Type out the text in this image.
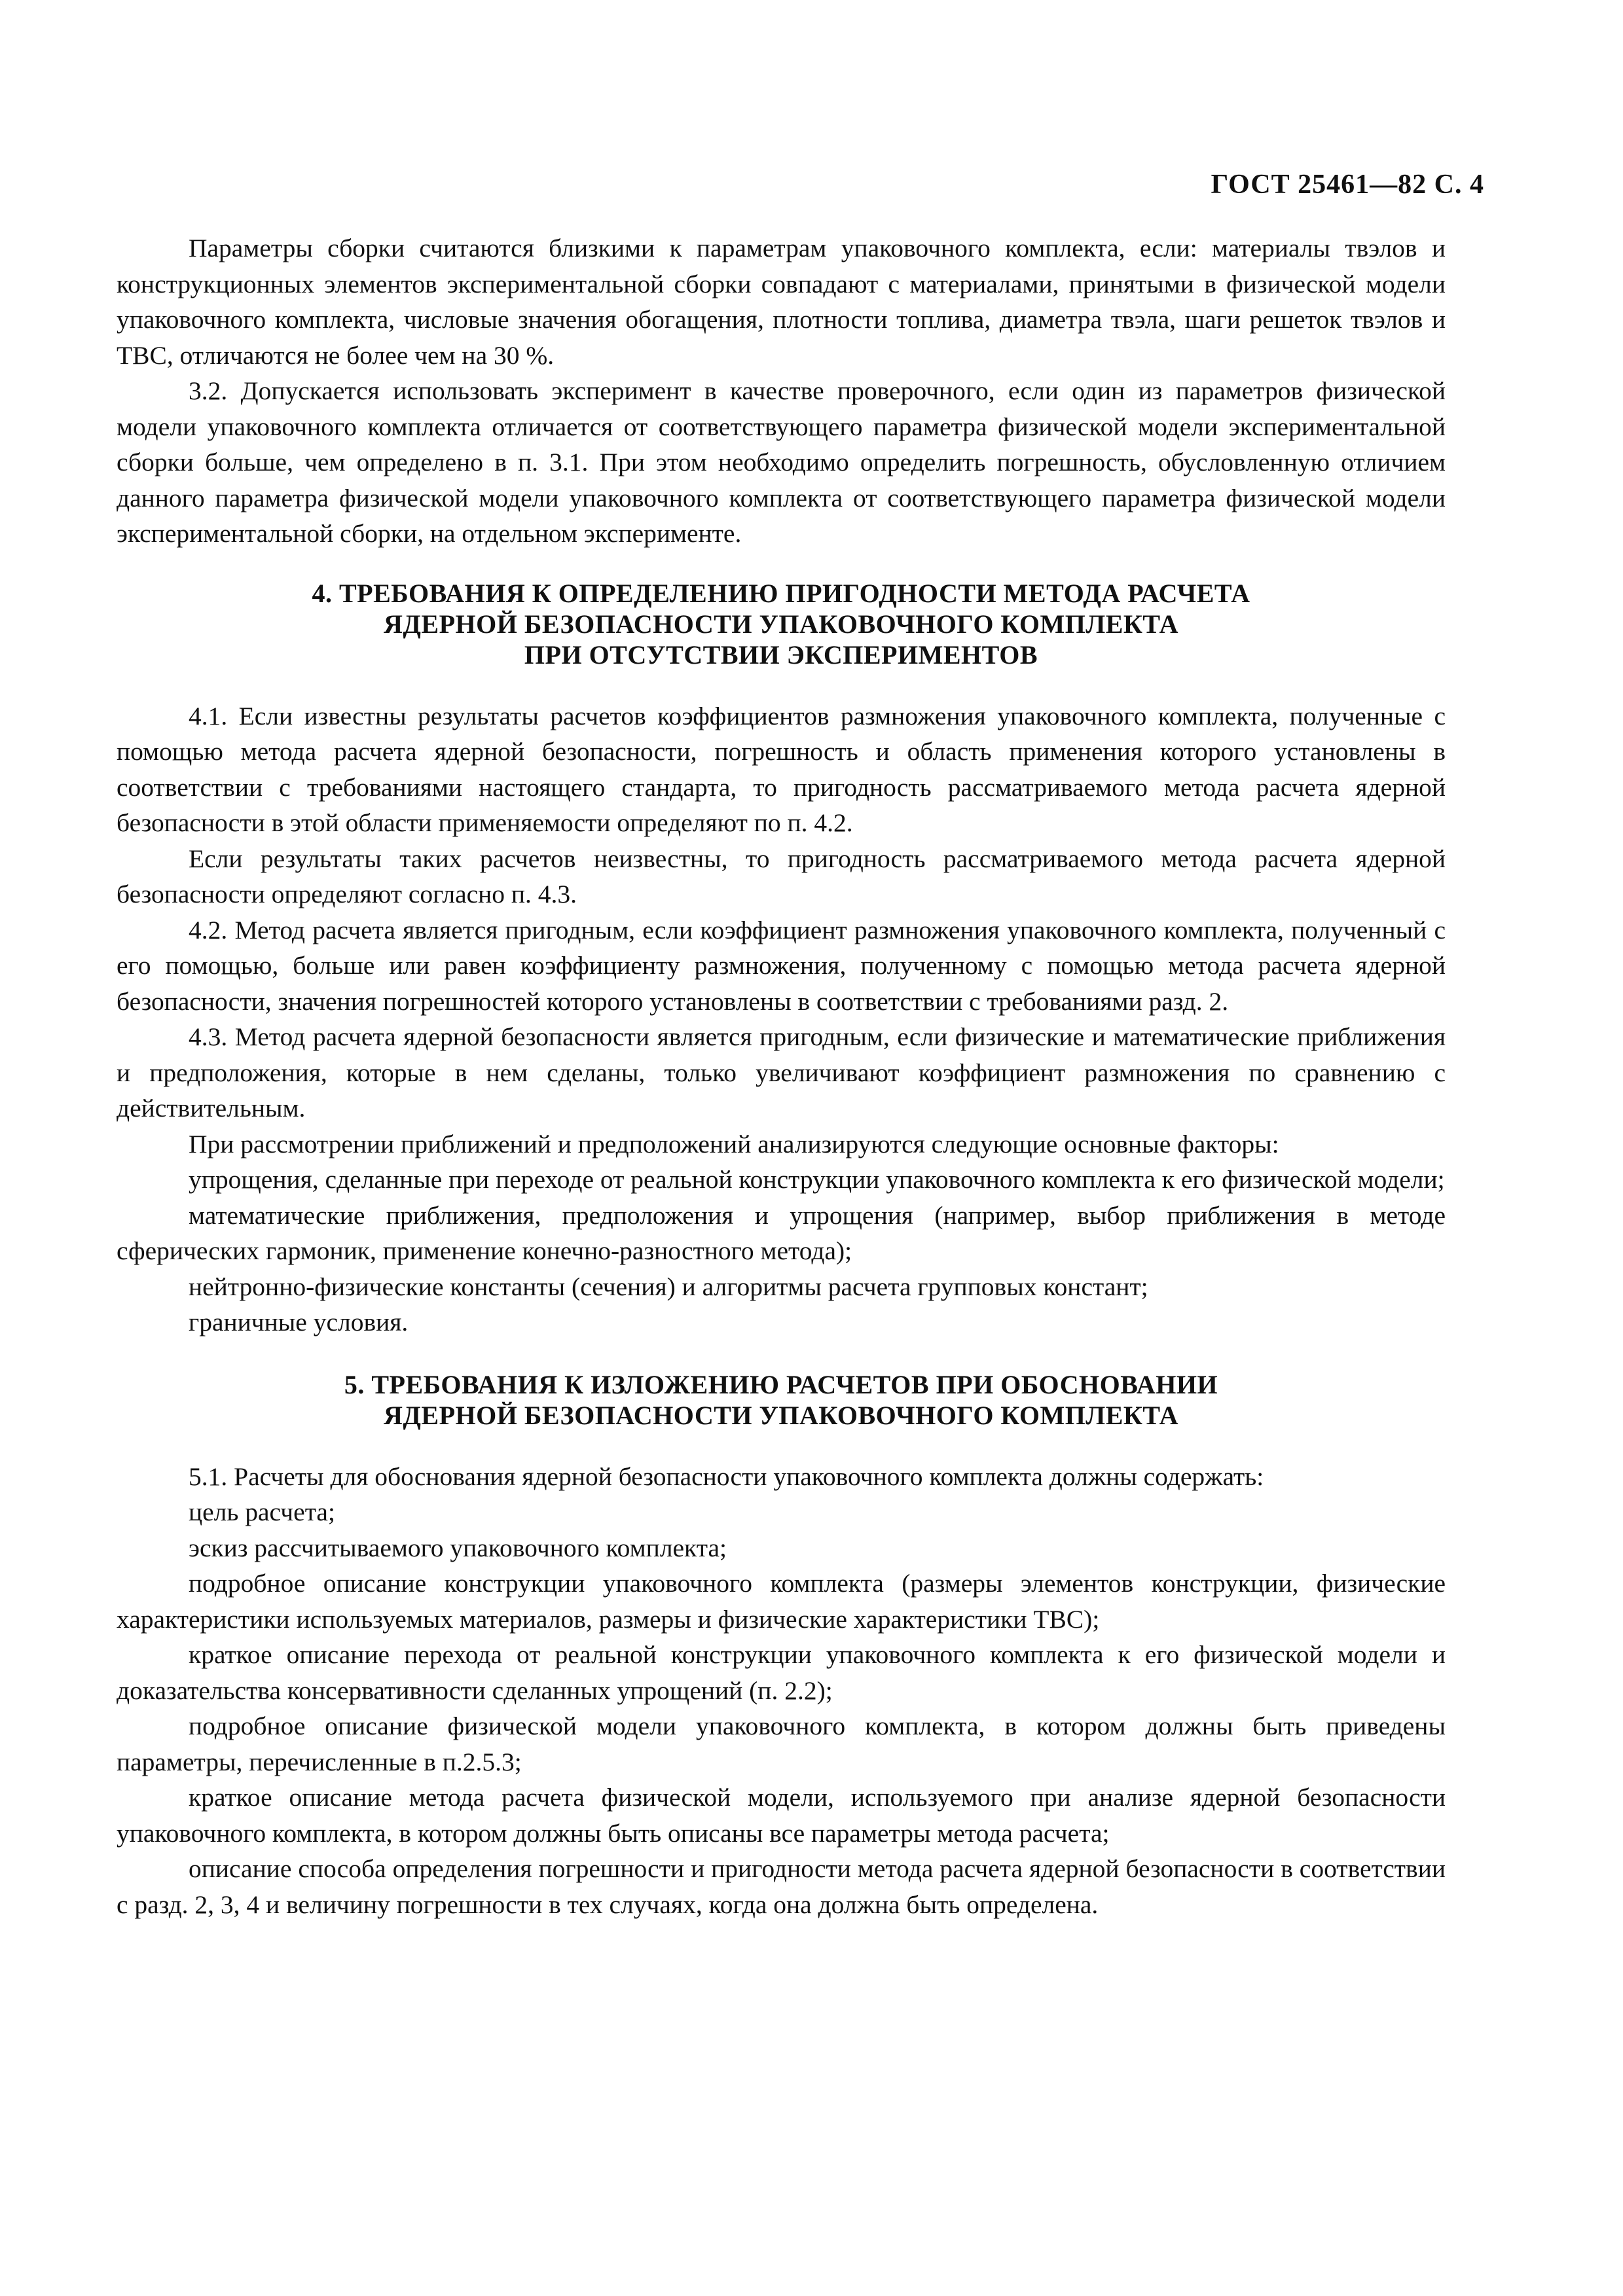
ГОСТ 25461—82 С. 4

Параметры сборки считаются близкими к параметрам упаковочного комплекта, если: материалы твэлов и конструкционных элементов экспериментальной сборки совпадают с материалами, принятыми в физической модели упаковочного комплекта, числовые значения обогащения, плотности топлива, диаметра твэла, шаги решеток твэлов и ТВС, отличаются не более чем на 30 %.

3.2. Допускается использовать эксперимент в качестве проверочного, если один из параметров физической модели упаковочного комплекта отличается от соответствующего параметра физической модели экспериментальной сборки больше, чем определено в п. 3.1. При этом необходимо определить погрешность, обусловленную отличием данного параметра физической модели упаковочного комплекта от соответствующего параметра физической модели экспериментальной сборки, на отдельном эксперименте.

4. ТРЕБОВАНИЯ К ОПРЕДЕЛЕНИЮ ПРИГОДНОСТИ МЕТОДА РАСЧЕТА
ЯДЕРНОЙ БЕЗОПАСНОСТИ УПАКОВОЧНОГО КОМПЛЕКТА
ПРИ ОТСУТСТВИИ ЭКСПЕРИМЕНТОВ

4.1. Если известны результаты расчетов коэффициентов размножения упаковочного комплекта, полученные с помощью метода расчета ядерной безопасности, погрешность и область применения которого установлены в соответствии с требованиями настоящего стандарта, то пригодность рассматриваемого метода расчета ядерной безопасности в этой области применяемости определяют по п. 4.2.

Если результаты таких расчетов неизвестны, то пригодность рассматриваемого метода расчета ядерной безопасности определяют согласно п. 4.3.

4.2. Метод расчета является пригодным, если коэффициент размножения упаковочного комплекта, полученный с его помощью, больше или равен коэффициенту размножения, полученному с помощью метода расчета ядерной безопасности, значения погрешностей которого установлены в соответствии с требованиями разд. 2.

4.3. Метод расчета ядерной безопасности является пригодным, если физические и математические приближения и предположения, которые в нем сделаны, только увеличивают коэффициент размножения по сравнению с действительным.

При рассмотрении приближений и предположений анализируются следующие основные факторы:

упрощения, сделанные при переходе от реальной конструкции упаковочного комплекта к его физической модели;

математические приближения, предположения и упрощения (например, выбор приближения в методе сферических гармоник, применение конечно-разностного метода);

нейтронно-физические константы (сечения) и алгоритмы расчета групповых констант;

граничные условия.

5. ТРЕБОВАНИЯ К ИЗЛОЖЕНИЮ РАСЧЕТОВ ПРИ ОБОСНОВАНИИ
ЯДЕРНОЙ БЕЗОПАСНОСТИ УПАКОВОЧНОГО КОМПЛЕКТА

5.1. Расчеты для обоснования ядерной безопасности упаковочного комплекта должны содержать:

цель расчета;

эскиз рассчитываемого упаковочного комплекта;

подробное описание конструкции упаковочного комплекта (размеры элементов конструкции, физические характеристики используемых материалов, размеры и физические характеристики ТВС);

краткое описание перехода от реальной конструкции упаковочного комплекта к его физической модели и доказательства консервативности сделанных упрощений (п. 2.2);

подробное описание физической модели упаковочного комплекта, в котором должны быть приведены параметры, перечисленные в п.2.5.3;

краткое описание метода расчета физической модели, используемого при анализе ядерной безопасности упаковочного комплекта, в котором должны быть описаны все параметры метода расчета;

описание способа определения погрешности и пригодности метода расчета ядерной безопасности в соответствии с разд. 2, 3, 4 и величину погрешности в тех случаях, когда она должна быть определена.
